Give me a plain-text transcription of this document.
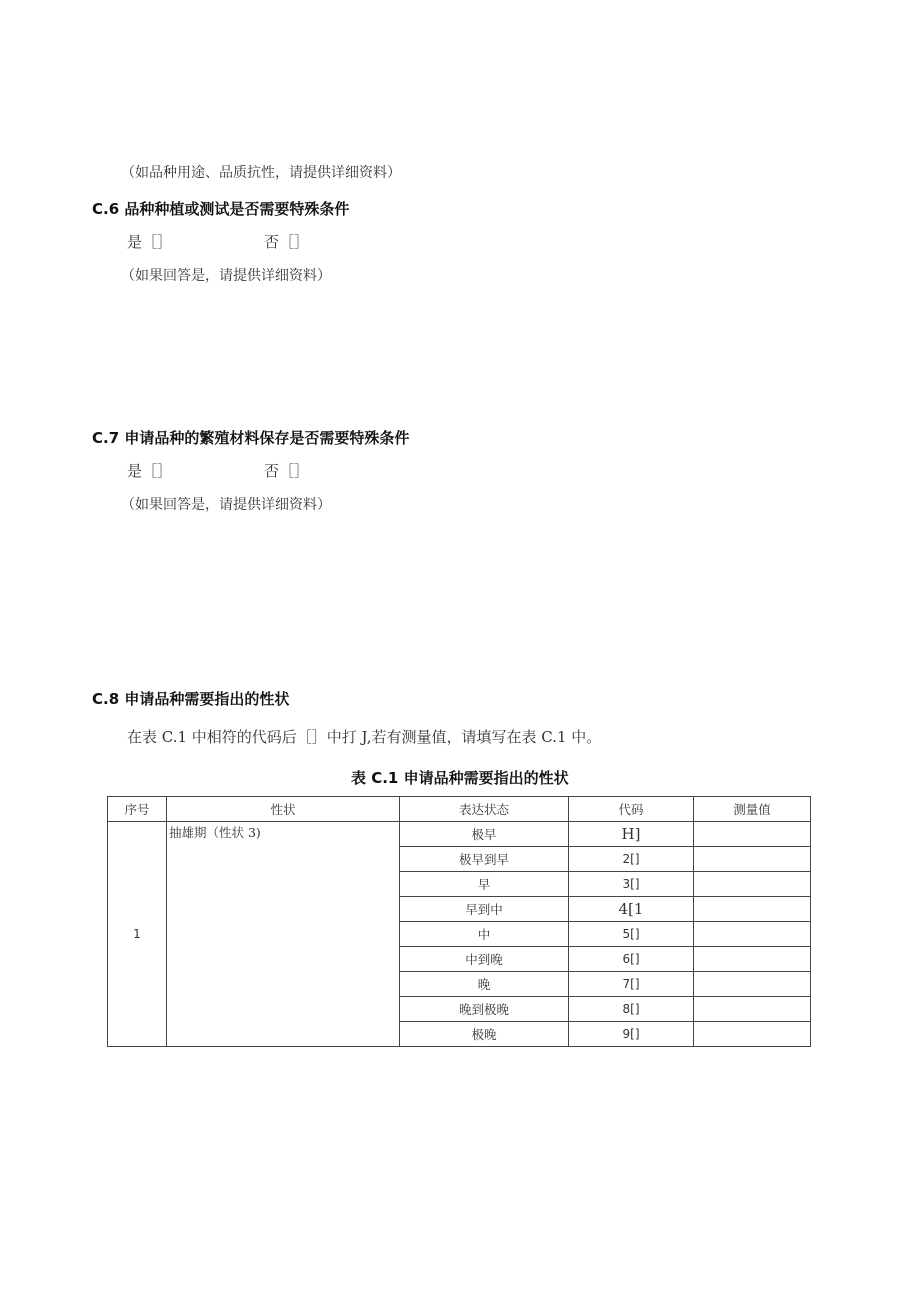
（如品种用途、品质抗性，请提供详细资料）
C.6 品种种植或测试是否需要特殊条件
是［］	否［］
（如果回答是，请提供详细资料）
C.7 申请品种的繁殖材料保存是否需要特殊条件
是［］	否［］
（如果回答是，请提供详细资料）
C.8 申请品种需要指出的性状
在表 C.1 中相符的代码后［］中打 J,若有测量值，请填写在表 C.1 中。
表 C.1 申请品种需要指出的性状
序号	性状	表达状态	代码	测量值
1	抽雄期（性状 3)	极早	H]	
		极早到早	2[]	
		早	3[]	
		早到中	4[1	
		中	5[]	
		中到晚	6[]	
		晚	7[]	
		晚到极晚	8[]	
		极晚	9[]	
